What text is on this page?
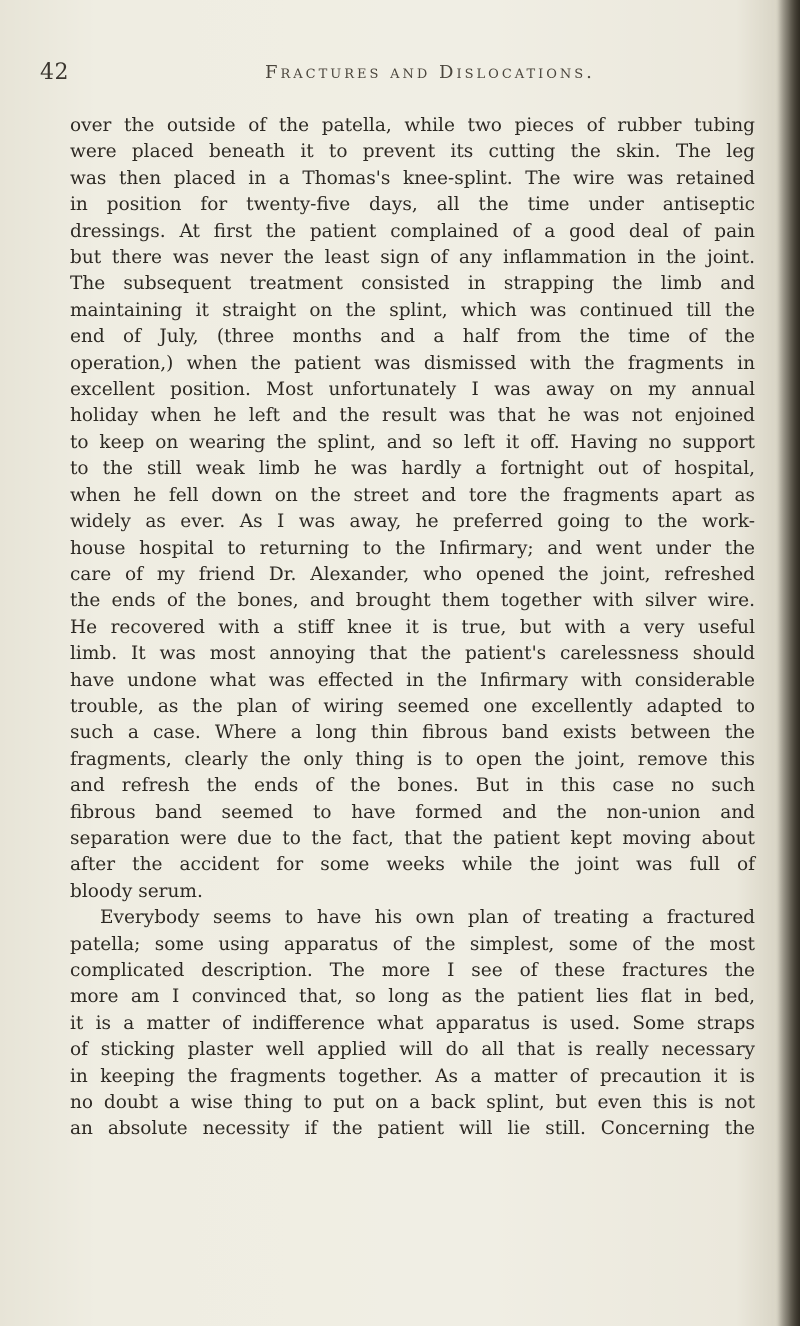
42	Fractures and Dislocations.
over the outside of the patella, while two pieces of rubber tubing
were placed beneath it to prevent its cutting the skin. The leg
was then placed in a Thomas's knee-splint. The wire was retained
in position for twenty-five days, all the time under antiseptic
dressings. At first the patient complained of a good deal of pain
but there was never the least sign of any inflammation in the joint.
The subsequent treatment consisted in strapping the limb and
maintaining it straight on the splint, which was continued till the
end of July, (three months and a half from the time of the
operation,) when the patient was dismissed with the fragments in
excellent position. Most unfortunately I was away on my annual
holiday when he left and the result was that he was not enjoined
to keep on wearing the splint, and so left it off. Having no support
to the still weak limb he was hardly a fortnight out of hospital,
when he fell down on the street and tore the fragments apart as
widely as ever. As I was away, he preferred going to the work-
house hospital to returning to the Infirmary; and went under the
care of my friend Dr. Alexander, who opened the joint, refreshed
the ends of the bones, and brought them together with silver wire.
He recovered with a stiff knee it is true, but with a very useful
limb. It was most annoying that the patient's carelessness should
have undone what was effected in the Infirmary with considerable
trouble, as the plan of wiring seemed one excellently adapted to
such a case. Where a long thin fibrous band exists between the
fragments, clearly the only thing is to open the joint, remove this
and refresh the ends of the bones. But in this case no such
fibrous band seemed to have formed and the non-union and
separation were due to the fact, that the patient kept moving about
after the accident for some weeks while the joint was full of
bloody serum.
Everybody seems to have his own plan of treating a fractured
patella; some using apparatus of the simplest, some of the most
complicated description. The more I see of these fractures the
more am I convinced that, so long as the patient lies flat in bed,
it is a matter of indifference what apparatus is used. Some straps
of sticking plaster well applied will do all that is really necessary
in keeping the fragments together. As a matter of precaution it is
no doubt a wise thing to put on a back splint, but even this is not
an absolute necessity if the patient will lie still. Concerning the
